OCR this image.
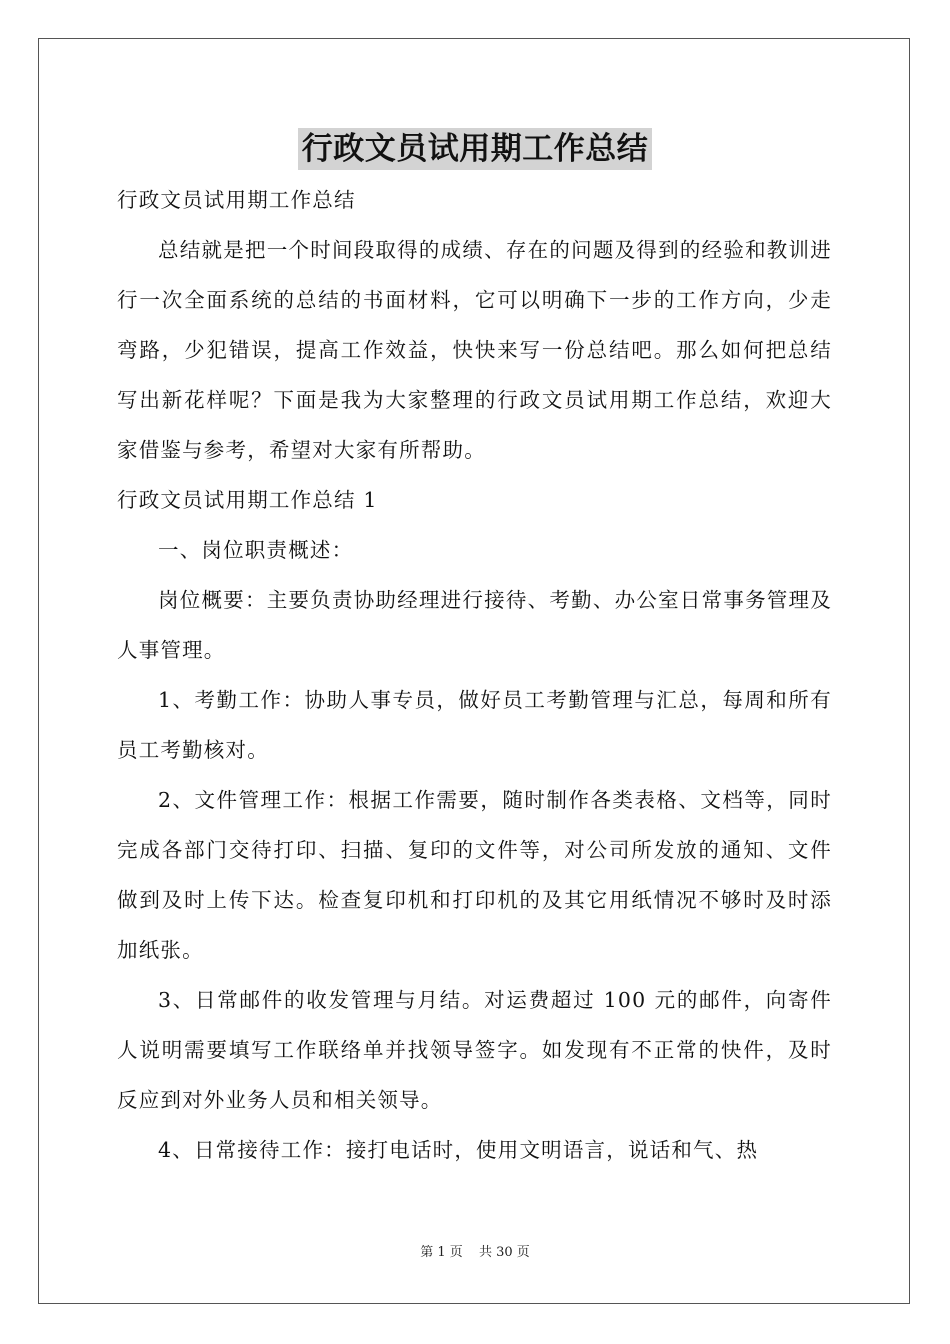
行政文员试用期工作总结

行政文员试用期工作总结

总结就是把一个时间段取得的成绩、存在的问题及得到的经验和教训进行一次全面系统的总结的书面材料，它可以明确下一步的工作方向，少走弯路，少犯错误，提高工作效益，快快来写一份总结吧。那么如何把总结写出新花样呢？下面是我为大家整理的行政文员试用期工作总结，欢迎大家借鉴与参考，希望对大家有所帮助。

行政文员试用期工作总结 1

一、岗位职责概述：

岗位概要：主要负责协助经理进行接待、考勤、办公室日常事务管理及人事管理。

1、考勤工作：协助人事专员，做好员工考勤管理与汇总，每周和所有员工考勤核对。

2、文件管理工作：根据工作需要，随时制作各类表格、文档等，同时完成各部门交待打印、扫描、复印的文件等，对公司所发放的通知、文件做到及时上传下达。检查复印机和打印机的及其它用纸情况不够时及时添加纸张。

3、日常邮件的收发管理与月结。对运费超过 100 元的邮件，向寄件人说明需要填写工作联络单并找领导签字。如发现有不正常的快件，及时反应到对外业务人员和相关领导。

4、日常接待工作：接打电话时，使用文明语言，说话和气、热

第 1 页 共 30 页
